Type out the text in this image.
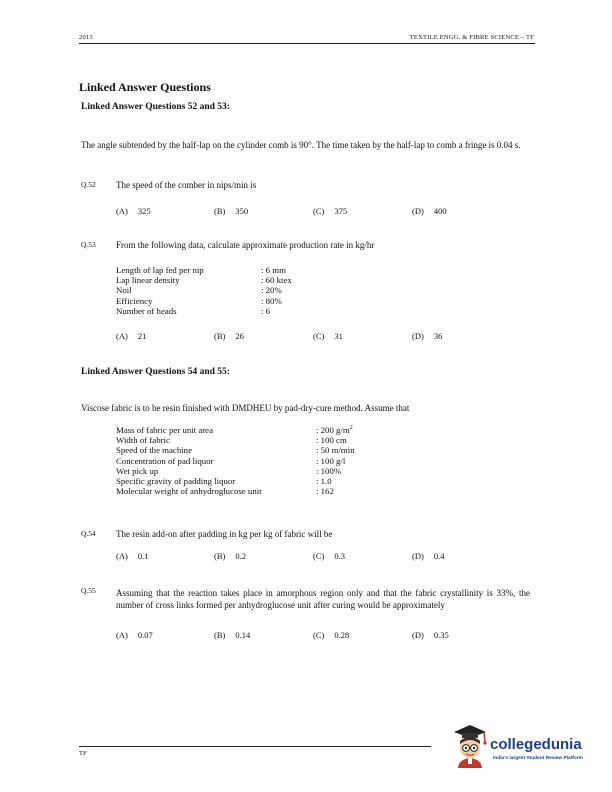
2013	TEXTILE ENGG. & FIBRE SCIENCE – TF
Linked Answer Questions
Linked Answer Questions 52 and 53:
The angle subtended by the half-lap on the cylinder comb is 90°. The time taken by the half-lap to comb a fringe is 0.04 s.
Q.52 The speed of the comber in nips/min is
(A) 325	(B) 350	(C) 375	(D) 400
Q.53 From the following data, calculate approximate production rate in kg/hr
Length of lap fed per nip	: 6 mm
Lap linear density	: 60 ktex
Noil	: 20%
Efficiency	: 80%
Number of heads	: 6
(A) 21	(B) 26	(C) 31	(D) 36
Linked Answer Questions 54 and 55:
Viscose fabric is to be resin finished with DMDHEU by pad-dry-cure method. Assume that
Mass of fabric per unit area	: 200 $g/m^2$
Width of fabric	: 100 cm
Speed of the machine	: 50 m/min
Concentration of pad liquor	: 100 g/l
Wet pick up	: 100%
Specific gravity of padding liquor	: 1.0
Molecular weight of anhydroglucose unit	: 162
Q.54 The resin add-on after padding in kg per kg of fabric will be
(A) 0.1	(B) 0.2	(C) 0.3	(D) 0.4
Q.55 Assuming that the reaction takes place in amorphous region only and that the fabric crystallinity is 33%, the number of cross links formed per anhydroglucose unit after curing would be approximately
(A) 0.07	(B) 0.14	(C) 0.28	(D) 0.35
TF
collegedunia
India's largest Student Review Platform
